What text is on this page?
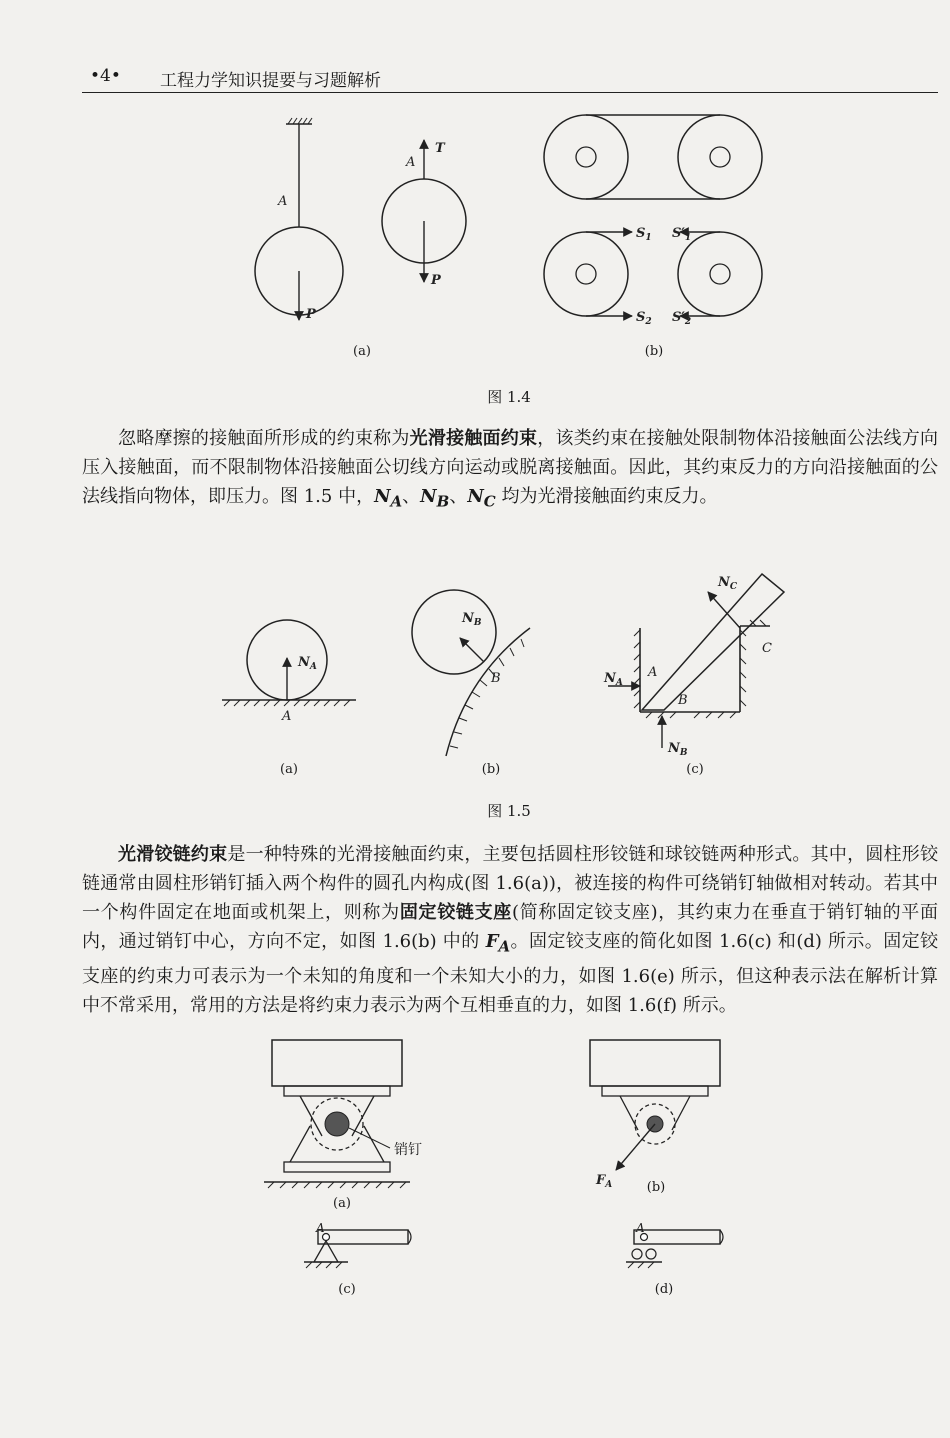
•4• 工程力学知识提要与习题解析
A
P
A
T
P
$S_1$
$S_2$
$S'_1$
$S'_2$
(a)	(b)
图 1.4

忽略摩擦的接触面所形成的约束称为光滑接触面约束，该类约束在接触处限制物体沿接触面公法线方向压入接触面，而不限制物体沿接触面公切线方向运动或脱离接触面。因此，其约束反力的方向沿接触面的公法线指向物体，即压力。图 1.5 中，$N_A$、$N_B$、$N_C$ 均为光滑接触面约束反力。

$N_A$
A
$N_B$
B
$N_C$
C
A
B
$N_A$
$N_B$
(a)	(b)	(c)
图 1.5

光滑铰链约束是一种特殊的光滑接触面约束，主要包括圆柱形铰链和球铰链两种形式。其中，圆柱形铰链通常由圆柱形销钉插入两个构件的圆孔内构成(图 1.6(a))，被连接的构件可绕销钉轴做相对转动。若其中一个构件固定在地面或机架上，则称为固定铰链支座(简称固定铰支座)，其约束力在垂直于销钉轴的平面内，通过销钉中心，方向不定，如图 1.6(b) 中的 $F_A$。固定铰支座的简化如图 1.6(c) 和(d) 所示。固定铰支座的约束力可表示为一个未知的角度和一个未知大小的力，如图 1.6(e) 所示，但这种表示法在解析计算中不常采用，常用的方法是将约束力表示为两个互相垂直的力，如图 1.6(f) 所示。

销钉
$F_A$
A	A
(a)
(b)
(c)	(d)
